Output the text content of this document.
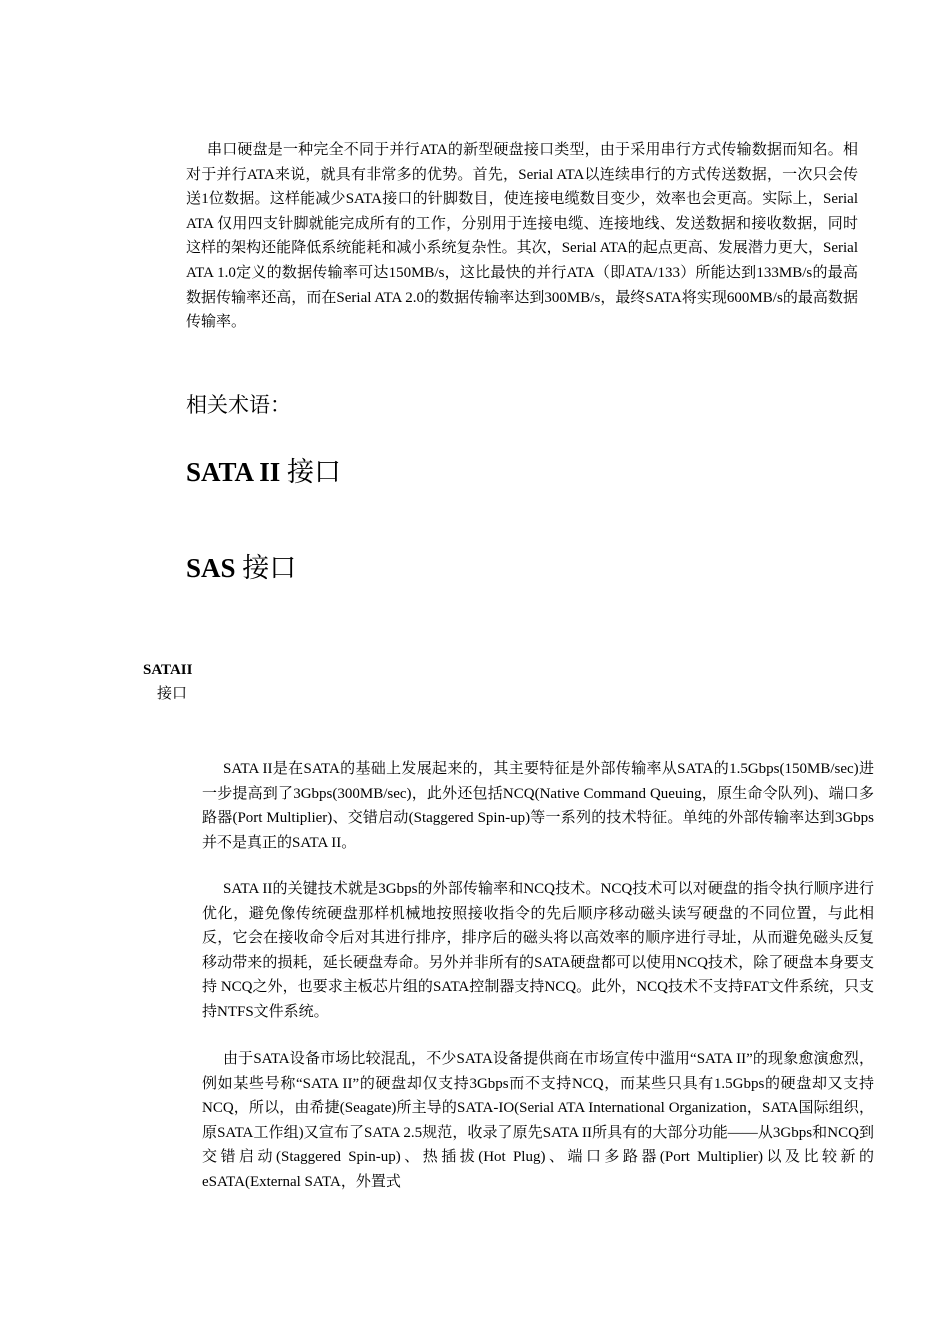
串口硬盘是一种完全不同于并行ATA的新型硬盘接口类型，由于采用串行方式传输数据而知名。相对于并行ATA来说，就具有非常多的优势。首先，Serial ATA以连续串行的方式传送数据，一次只会传送1位数据。这样能减少SATA接口的针脚数目，使连接电缆数目变少，效率也会更高。实际上，Serial ATA 仅用四支针脚就能完成所有的工作，分别用于连接电缆、连接地线、发送数据和接收数据，同时这样的架构还能降低系统能耗和减小系统复杂性。其次，Serial ATA的起点更高、发展潜力更大，Serial ATA 1.0定义的数据传输率可达150MB/s，这比最快的并行ATA（即ATA/133）所能达到133MB/s的最高数据传输率还高，而在Serial ATA 2.0的数据传输率达到300MB/s，最终SATA将实现600MB/s的最高数据传输率。

相关术语：
SATA II 接口
SAS 接口
SATAII
接口

SATA II是在SATA的基础上发展起来的，其主要特征是外部传输率从SATA的1.5Gbps(150MB/sec)进一步提高到了3Gbps(300MB/sec)，此外还包括NCQ(Native Command Queuing，原生命令队列)、端口多路器(Port Multiplier)、交错启动(Staggered Spin-up)等一系列的技术特征。单纯的外部传输率达到3Gbps并不是真正的SATA II。

SATA II的关键技术就是3Gbps的外部传输率和NCQ技术。NCQ技术可以对硬盘的指令执行顺序进行优化，避免像传统硬盘那样机械地按照接收指令的先后顺序移动磁头读写硬盘的不同位置，与此相反，它会在接收命令后对其进行排序，排序后的磁头将以高效率的顺序进行寻址，从而避免磁头反复移动带来的损耗，延长硬盘寿命。另外并非所有的SATA硬盘都可以使用NCQ技术，除了硬盘本身要支持 NCQ之外，也要求主板芯片组的SATA控制器支持NCQ。此外，NCQ技术不支持FAT文件系统，只支持NTFS文件系统。

由于SATA设备市场比较混乱，不少SATA设备提供商在市场宣传中滥用“SATA II”的现象愈演愈烈，例如某些号称“SATA II”的硬盘却仅支持3Gbps而不支持NCQ，而某些只具有1.5Gbps的硬盘却又支持NCQ，所以，由希捷(Seagate)所主导的SATA-IO(Serial ATA International Organization，SATA国际组织，原SATA工作组)又宣布了SATA 2.5规范，收录了原先SATA II所具有的大部分功能——从3Gbps和NCQ到交错启动(Staggered Spin-up)、热插拔(Hot Plug)、端口多路器(Port Multiplier)以及比较新的eSATA(External SATA，外置式
